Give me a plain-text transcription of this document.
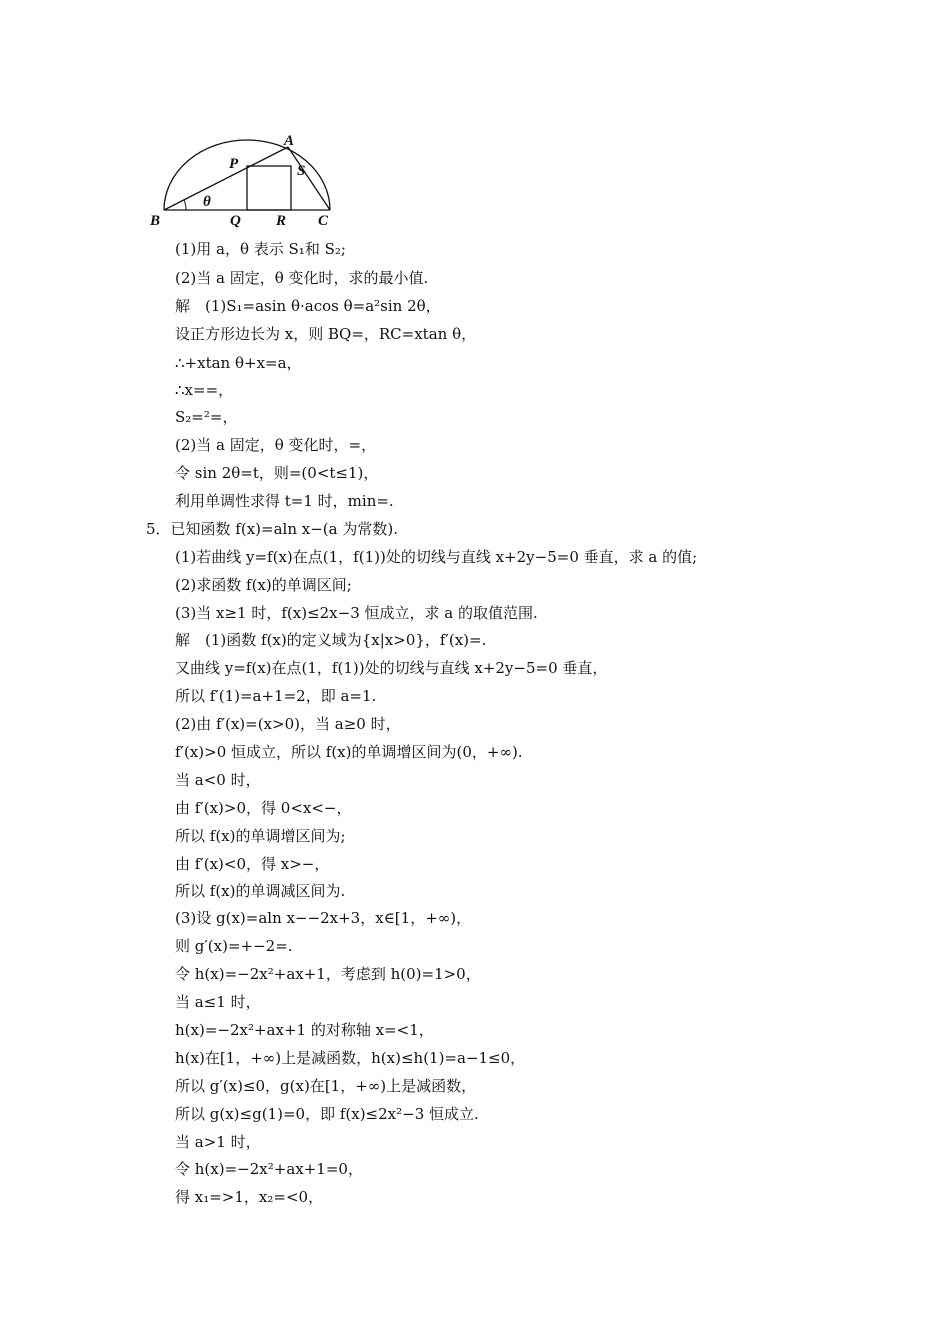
A
P	S
θ
B	Q R C
(1)用 a，θ 表示 S₁和 S₂;
(2)当 a 固定，θ 变化时，求的最小值.
解　(1)S₁=asin θ·acos θ=a²sin 2θ，
设正方形边长为 x，则 BQ=，RC=xtan θ，
∴+xtan θ+x=a，
∴x==，
S₂=²=，
(2)当 a 固定，θ 变化时，=，
令 sin 2θ=t，则=(0<t≤1)，
利用单调性求得 t=1 时，min=.
5．已知函数 f(x)=aln x−(a 为常数).
(1)若曲线 y=f(x)在点(1，f(1))处的切线与直线 x+2y−5=0 垂直，求 a 的值;
(2)求函数 f(x)的单调区间;
(3)当 x≥1 时，f(x)≤2x−3 恒成立，求 a 的取值范围.
解　(1)函数 f(x)的定义域为{x|x>0}，f′(x)=.
又曲线 y=f(x)在点(1，f(1))处的切线与直线 x+2y−5=0 垂直，
所以 f′(1)=a+1=2，即 a=1.
(2)由 f′(x)=(x>0)，当 a≥0 时，
f′(x)>0 恒成立，所以 f(x)的单调增区间为(0，+∞).
当 a<0 时，
由 f′(x)>0，得 0<x<−，
所以 f(x)的单调增区间为;
由 f′(x)<0，得 x>−，
所以 f(x)的单调减区间为.
(3)设 g(x)=aln x−−2x+3，x∈[1，+∞)，
则 g′(x)=+−2=.
令 h(x)=−2x²+ax+1，考虑到 h(0)=1>0，
当 a≤1 时，
h(x)=−2x²+ax+1 的对称轴 x=<1，
h(x)在[1，+∞)上是减函数，h(x)≤h(1)=a−1≤0，
所以 g′(x)≤0，g(x)在[1，+∞)上是减函数，
所以 g(x)≤g(1)=0，即 f(x)≤2x²−3 恒成立.
当 a>1 时，
令 h(x)=−2x²+ax+1=0，
得 x₁=>1，x₂=<0，
